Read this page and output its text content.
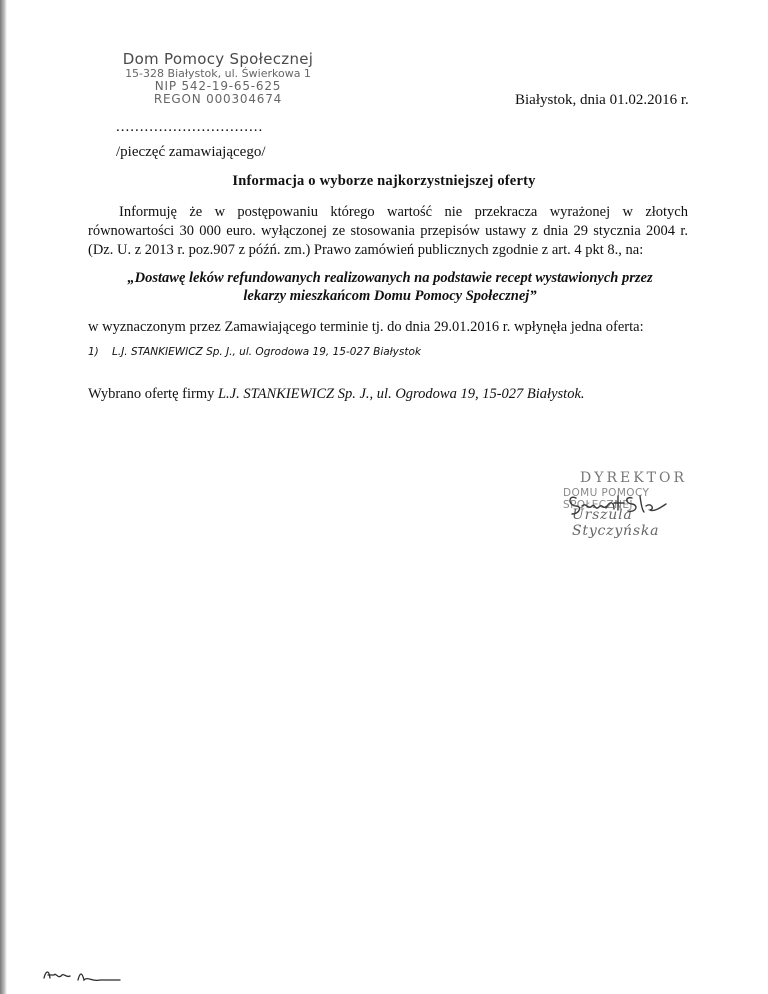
Dom Pomocy Społecznej
15-328 Białystok, ul. Świerkowa 1
NIP 542-19-65-625
REGON 000304674	Białystok, dnia 01.02.2016 r.
...............................
/pieczęć zamawiającego/
Informacja o wyborze najkorzystniejszej oferty
Informuję że w postępowaniu którego wartość nie przekracza wyrażonej w złotych równowartości 30 000 euro. wyłączonej ze stosowania przepisów ustawy z dnia 29 stycznia 2004 r. (Dz. U. z 2013 r. poz.907 z późń. zm.) Prawo zamówień publicznych zgodnie z art. 4 pkt 8., na:
„Dostawę leków refundowanych realizowanych na podstawie recept wystawionych przez
lekarzy mieszkańcom Domu Pomocy Społecznej”
w wyznaczonym przez Zamawiającego terminie tj. do dnia 29.01.2016 r. wpłynęła jedna oferta:
1) L.J. STANKIEWICZ Sp. J., ul. Ogrodowa 19, 15-027 Białystok
Wybrano ofertę firmy L.J. STANKIEWICZ Sp. J., ul. Ogrodowa 19, 15-027 Białystok.
DYREKTOR
DOMU POMOCY SPOŁECZNEJ
Urszula Styczyńska
